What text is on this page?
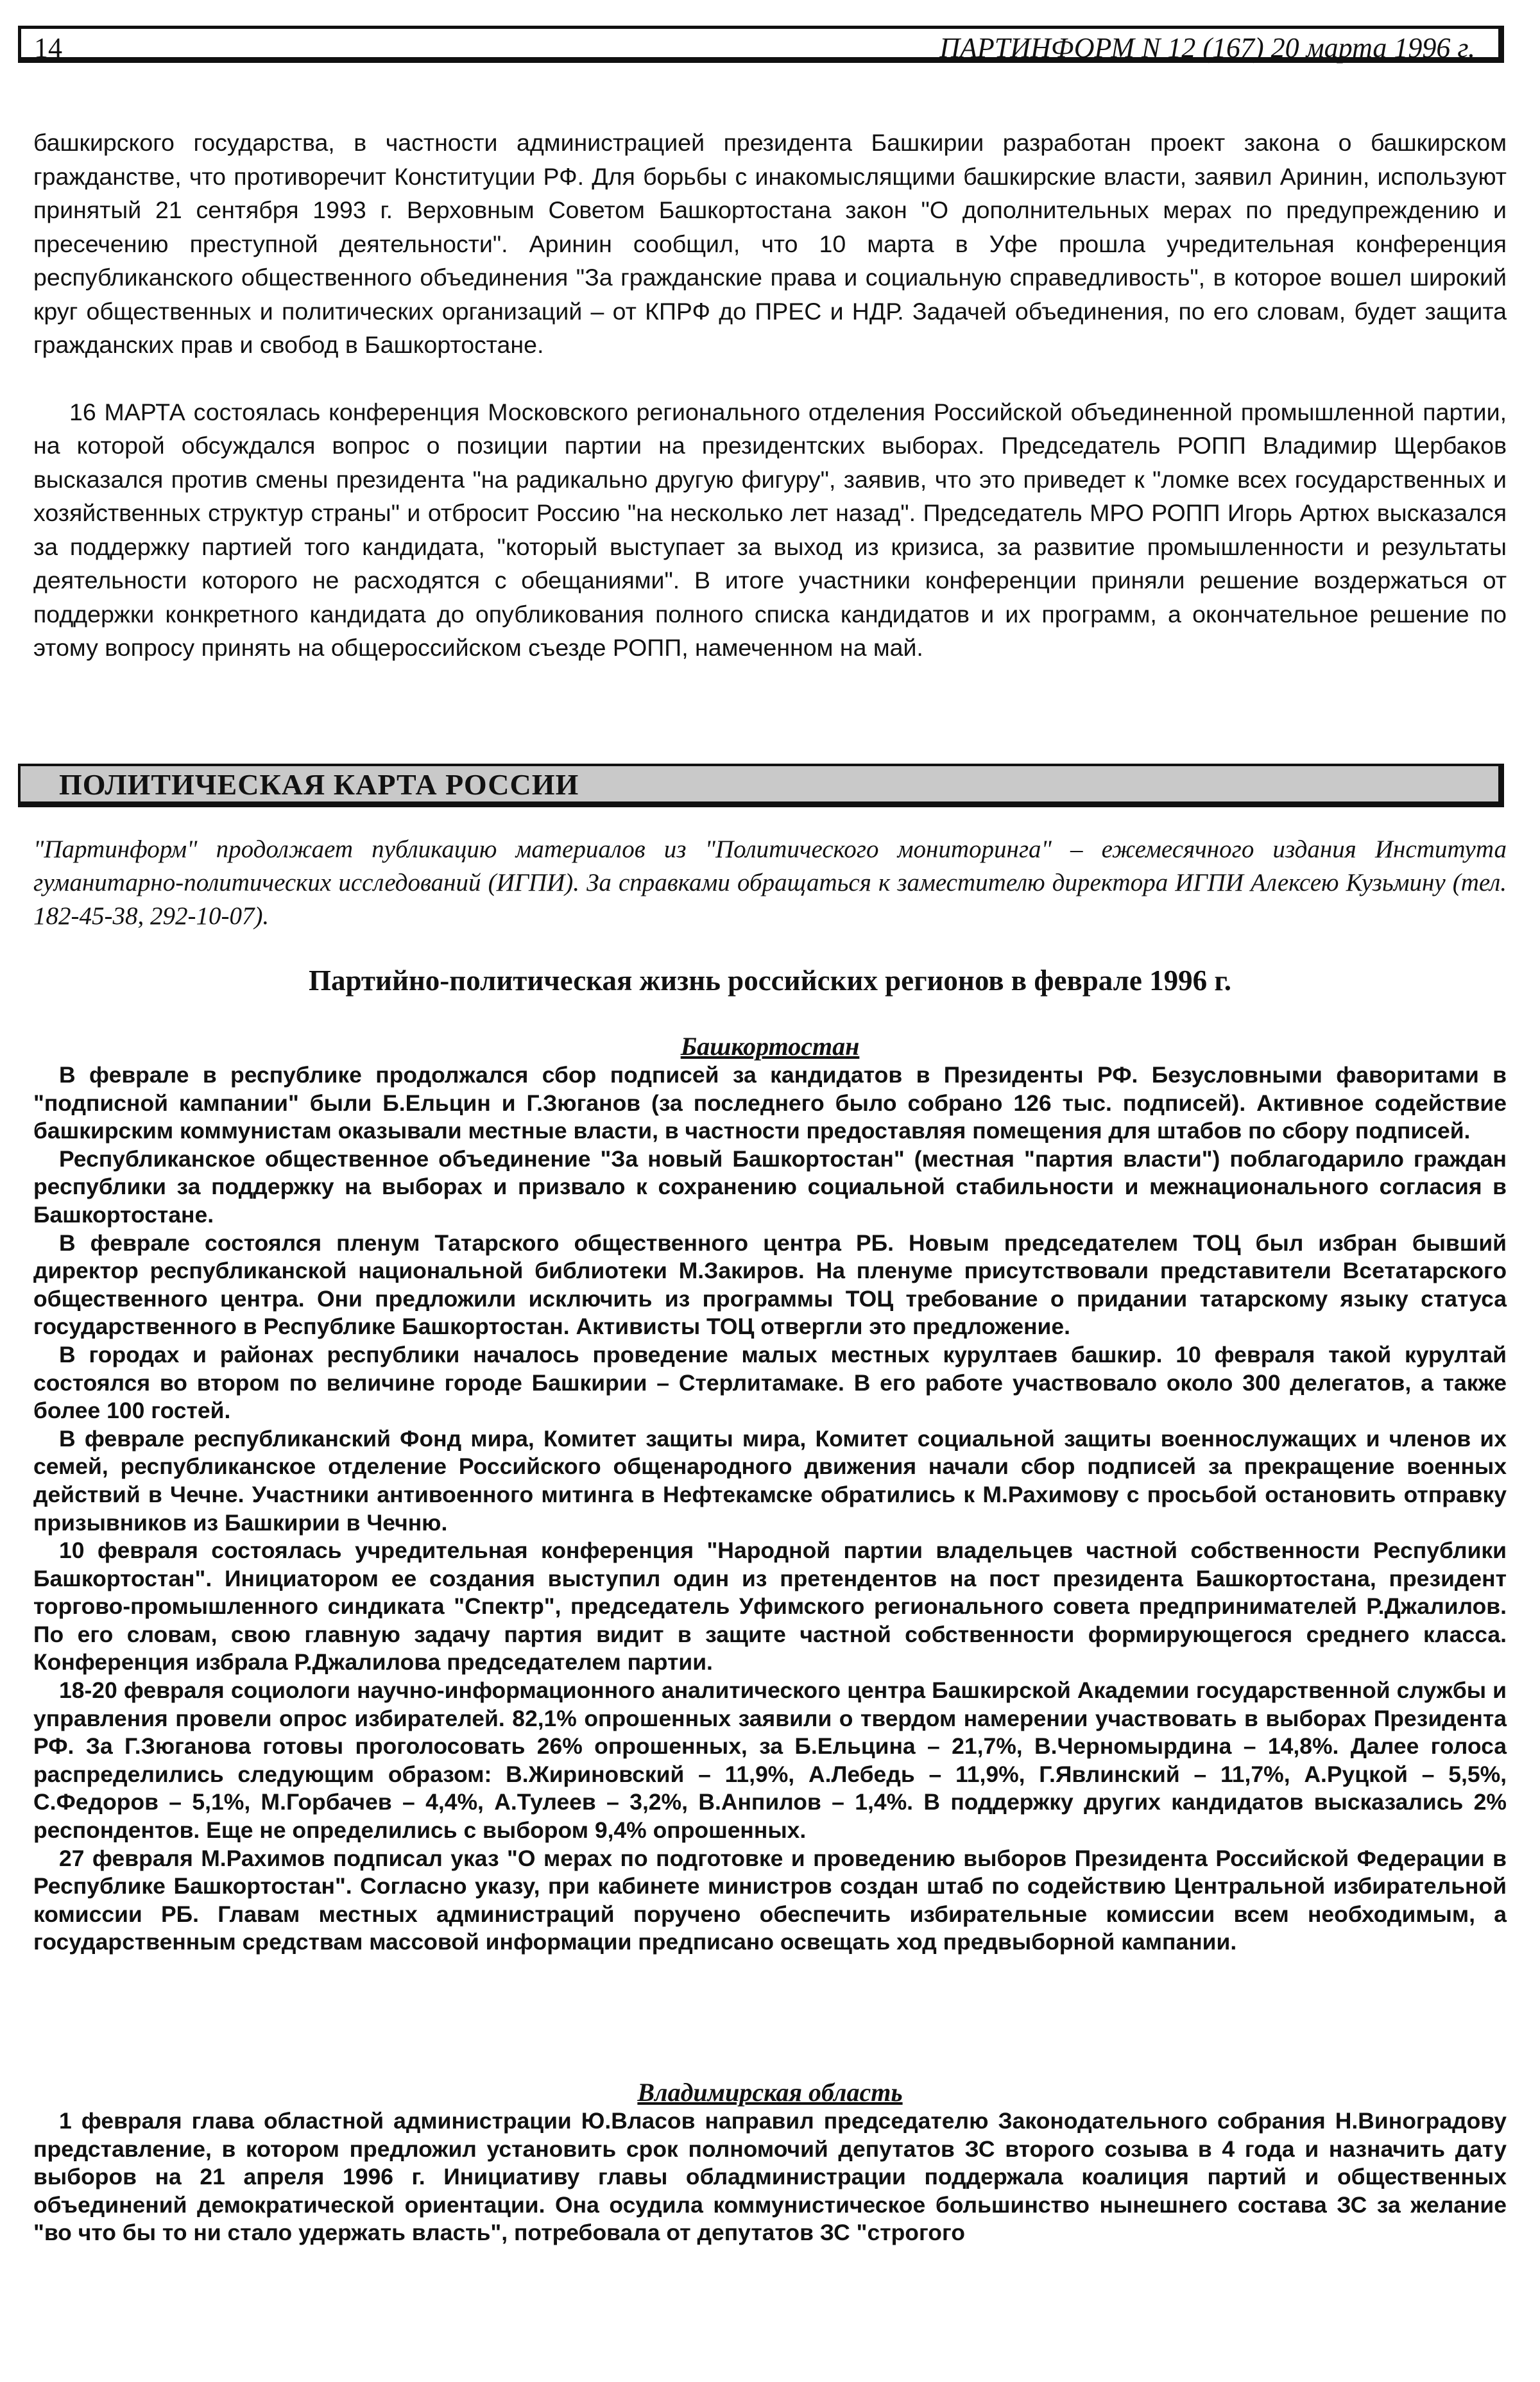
14	ПАРТИНФОРМ N 12 (167) 20 марта 1996 г.

башкирского государства, в частности администрацией президента Башкирии разработан проект закона о башкирском гражданстве, что противоречит Конституции РФ. Для борьбы с инакомыслящими башкирские власти, заявил Аринин, используют принятый 21 сентября 1993 г. Верховным Советом Башкортостана закон "О дополнительных мерах по предупреждению и пресечению преступной деятельности". Аринин сообщил, что 10 марта в Уфе прошла учредительная конференция республиканского общественного объединения "За гражданские права и социальную справедливость", в которое вошел широкий круг общественных и политических организаций – от КПРФ до ПРЕС и НДР. Задачей объединения, по его словам, будет защита гражданских прав и свобод в Башкортостане.

16 МАРТА состоялась конференция Московского регионального отделения Российской объединенной промышленной партии, на которой обсуждался вопрос о позиции партии на президентских выборах. Председатель РОПП Владимир Щербаков высказался против смены президента "на радикально другую фигуру", заявив, что это приведет к "ломке всех государственных и хозяйственных структур страны" и отбросит Россию "на несколько лет назад". Председатель МРО РОПП Игорь Артюх высказался за поддержку партией того кандидата, "который выступает за выход из кризиса, за развитие промышленности и результаты деятельности которого не расходятся с обещаниями". В итоге участники конференции приняли решение воздержаться от поддержки конкретного кандидата до опубликования полного списка кандидатов и их программ, а окончательное решение по этому вопросу принять на общероссийском съезде РОПП, намеченном на май.

ПОЛИТИЧЕСКАЯ КАРТА РОССИИ

"Партинформ" продолжает публикацию материалов из "Политического мониторинга" – ежемесячного издания Института гуманитарно-политических исследований (ИГПИ). За справками обращаться к заместителю директора ИГПИ Алексею Кузьмину (тел. 182-45-38, 292-10-07).

Партийно-политическая жизнь российских регионов в феврале 1996 г.
Башкортостан

В феврале в республике продолжался сбор подписей за кандидатов в Президенты РФ. Безусловными фаворитами в "подписной кампании" были Б.Ельцин и Г.Зюганов (за последнего было собрано 126 тыс. подписей). Активное содействие башкирским коммунистам оказывали местные власти, в частности предоставляя помещения для штабов по сбору подписей.

Республиканское общественное объединение "За новый Башкортостан" (местная "партия власти") поблагодарило граждан республики за поддержку на выборах и призвало к сохранению социальной стабильности и межнационального согласия в Башкортостане.

В феврале состоялся пленум Татарского общественного центра РБ. Новым председателем ТОЦ был избран бывший директор республиканской национальной библиотеки М.Закиров. На пленуме присутствовали представители Всетатарского общественного центра. Они предложили исключить из программы ТОЦ требование о придании татарскому языку статуса государственного в Республике Башкортостан. Активисты ТОЦ отвергли это предложение.

В городах и районах республики началось проведение малых местных курултаев башкир. 10 февраля такой курултай состоялся во втором по величине городе Башкирии – Стерлитамаке. В его работе участвовало около 300 делегатов, а также более 100 гостей.

В феврале республиканский Фонд мира, Комитет защиты мира, Комитет социальной защиты военнослужащих и членов их семей, республиканское отделение Российского общенародного движения начали сбор подписей за прекращение военных действий в Чечне. Участники антивоенного митинга в Нефтекамске обратились к М.Рахимову с просьбой остановить отправку призывников из Башкирии в Чечню.

10 февраля состоялась учредительная конференция "Народной партии владельцев частной собственности Республики Башкортостан". Инициатором ее создания выступил один из претендентов на пост президента Башкортостана, президент торгово-промышленного синдиката "Спектр", председатель Уфимского регионального совета предпринимателей Р.Джалилов. По его словам, свою главную задачу партия видит в защите частной собственности формирующегося среднего класса. Конференция избрала Р.Джалилова председателем партии.

18-20 февраля социологи научно-информационного аналитического центра Башкирской Академии государственной службы и управления провели опрос избирателей. 82,1% опрошенных заявили о твердом намерении участвовать в выборах Президента РФ. За Г.Зюганова готовы проголосовать 26% опрошенных, за Б.Ельцина – 21,7%, В.Черномырдина – 14,8%. Далее голоса распределились следующим образом: В.Жириновский – 11,9%, А.Лебедь – 11,9%, Г.Явлинский – 11,7%, А.Руцкой – 5,5%, С.Федоров – 5,1%, М.Горбачев – 4,4%, А.Тулеев – 3,2%, В.Анпилов – 1,4%. В поддержку других кандидатов высказались 2% респондентов. Еще не определились с выбором 9,4% опрошенных.

27 февраля М.Рахимов подписал указ "О мерах по подготовке и проведению выборов Президента Российской Федерации в Республике Башкортостан". Согласно указу, при кабинете министров создан штаб по содействию Центральной избирательной комиссии РБ. Главам местных администраций поручено обеспечить избирательные комиссии всем необходимым, а государственным средствам массовой информации предписано освещать ход предвыборной кампании.

Владимирская область

1 февраля глава областной администрации Ю.Власов направил председателю Законодательного собрания Н.Виноградову представление, в котором предложил установить срок полномочий депутатов ЗС второго созыва в 4 года и назначить дату выборов на 21 апреля 1996 г. Инициативу главы обладминистрации поддержала коалиция партий и общественных объединений демократической ориентации. Она осудила коммунистическое большинство нынешнего состава ЗС за желание "во что бы то ни стало удержать власть", потребовала от депутатов ЗС "строгого
